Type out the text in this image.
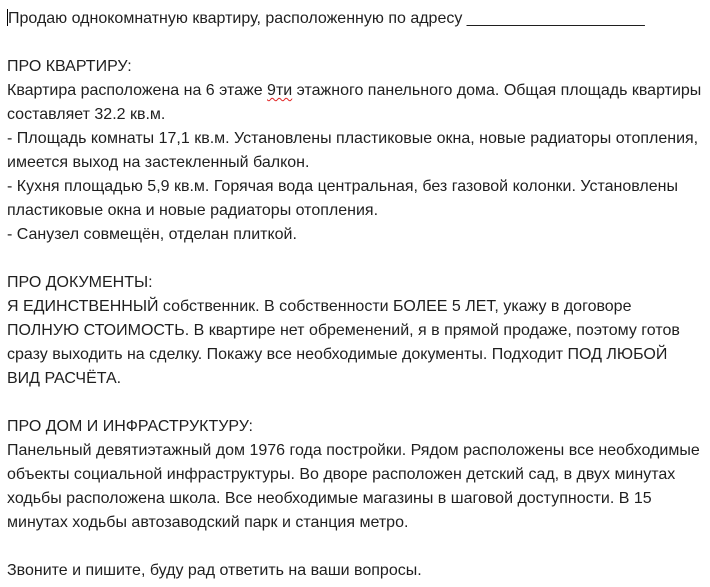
Продаю однокомнатную квартиру, расположенную по адресу ____________________
ПРО КВАРТИРУ:
Квартира расположена на 6 этаже 9ти этажного панельного дома. Общая площадь квартиры
составляет 32.2 кв.м.
- Площадь комнаты 17,1 кв.м. Установлены пластиковые окна, новые радиаторы отопления,
имеется выход на застекленный балкон.
- Кухня площадью 5,9 кв.м. Горячая вода центральная, без газовой колонки. Установлены
пластиковые окна и новые радиаторы отопления.
- Санузел совмещён, отделан плиткой.
ПРО ДОКУМЕНТЫ:
Я ЕДИНСТВЕННЫЙ собственник. В собственности БОЛЕЕ 5 ЛЕТ, укажу в договоре
ПОЛНУЮ СТОИМОСТЬ. В квартире нет обременений, я в прямой продаже, поэтому готов
сразу выходить на сделку. Покажу все необходимые документы. Подходит ПОД ЛЮБОЙ
ВИД РАСЧЁТА.
ПРО ДОМ И ИНФРАСТРУКТУРУ:
Панельный девятиэтажный дом 1976 года постройки. Рядом расположены все необходимые
объекты социальной инфраструктуры. Во дворе расположен детский сад, в двух минутах
ходьбы расположена школа. Все необходимые магазины в шаговой доступности. В 15
минутах ходьбы автозаводский парк и станция метро.
Звоните и пишите, буду рад ответить на ваши вопросы.
